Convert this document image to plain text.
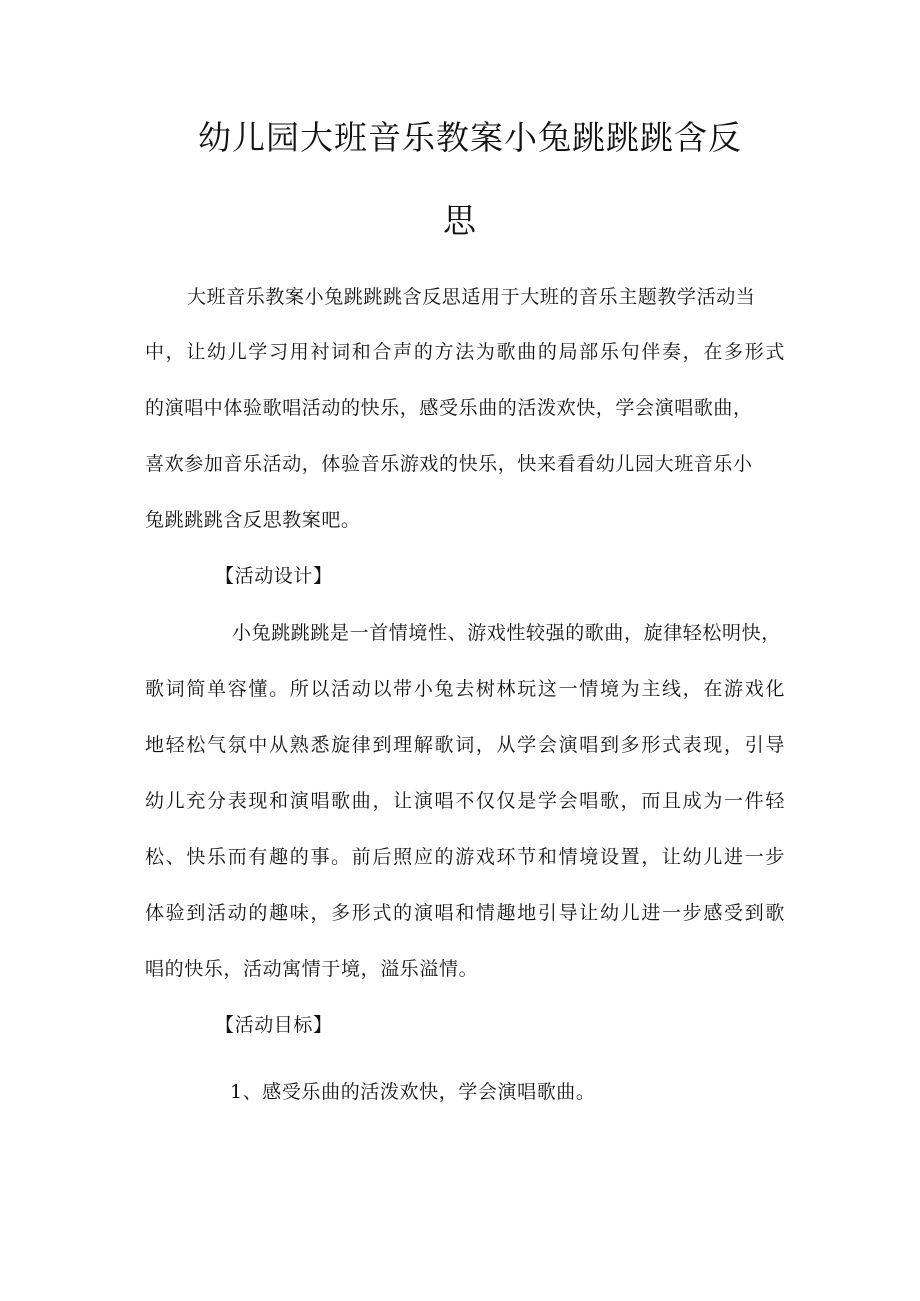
幼儿园大班音乐教案小兔跳跳跳含反
思
大班音乐教案小兔跳跳跳含反思适用于大班的音乐主题教学活动当
中，让幼儿学习用衬词和合声的方法为歌曲的局部乐句伴奏，在多形式
的演唱中体验歌唱活动的快乐，感受乐曲的活泼欢快，学会演唱歌曲，
喜欢参加音乐活动，体验音乐游戏的快乐，快来看看幼儿园大班音乐小
兔跳跳跳含反思教案吧。
【活动设计】
小兔跳跳跳是一首情境性、游戏性较强的歌曲，旋律轻松明快，
歌词简单容懂。所以活动以带小兔去树林玩这一情境为主线，在游戏化
地轻松气氛中从熟悉旋律到理解歌词，从学会演唱到多形式表现，引导
幼儿充分表现和演唱歌曲，让演唱不仅仅是学会唱歌，而且成为一件轻
松、快乐而有趣的事。前后照应的游戏环节和情境设置，让幼儿进一步
体验到活动的趣味，多形式的演唱和情趣地引导让幼儿进一步感受到歌
唱的快乐，活动寓情于境，溢乐溢情。
【活动目标】
1、感受乐曲的活泼欢快，学会演唱歌曲。
